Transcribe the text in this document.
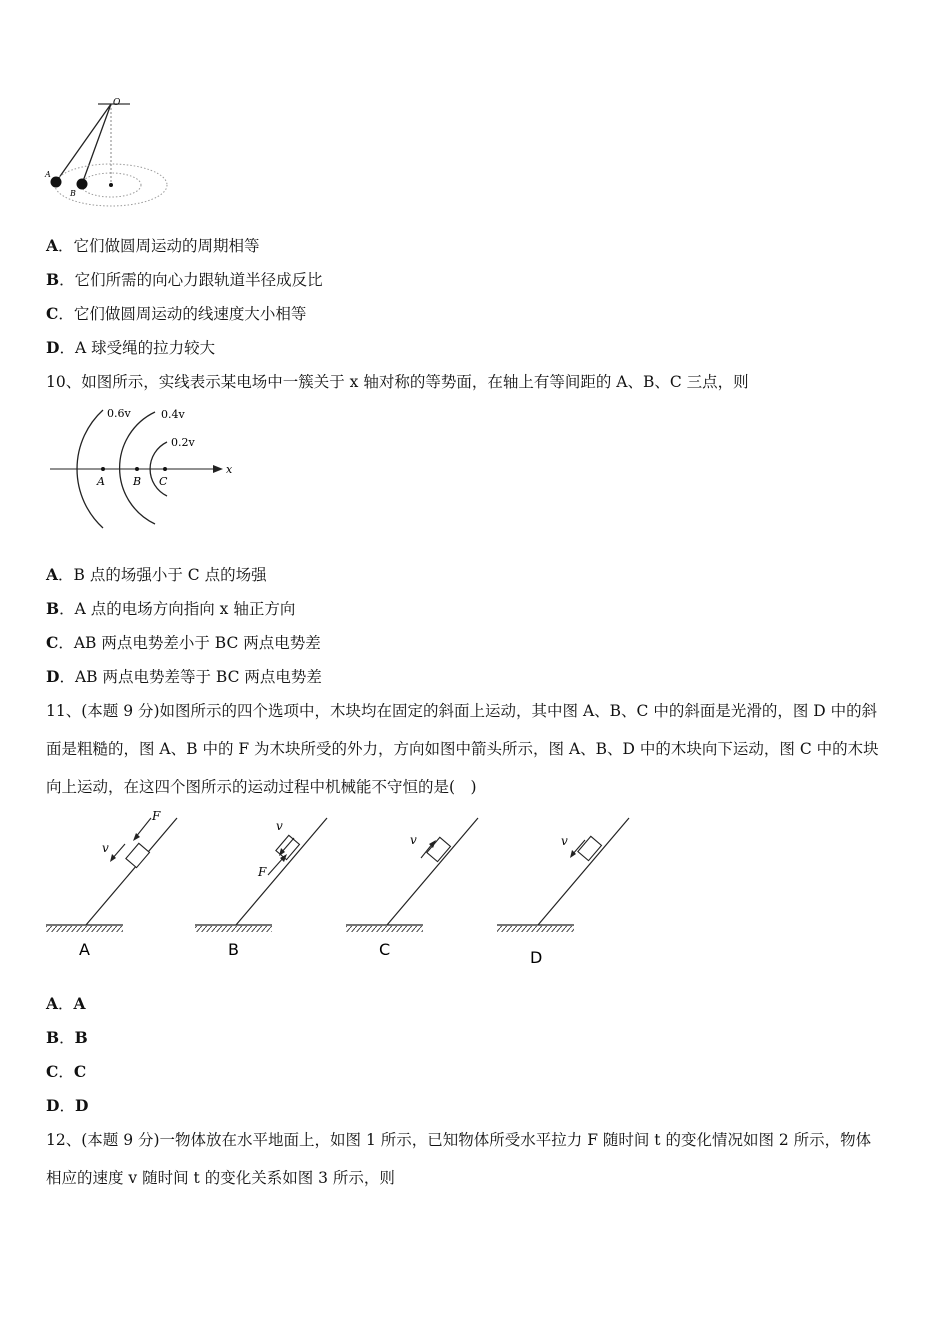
O
A
B
A ． 它们做圆周运动的周期相等
B ． 它们所需的向心力跟轨道半径成反比
C ． 它们做圆周运动的线速度大小相等
D ． A 球受绳的拉力较大
10、如图所示，实线表示某电场中一簇关于 x 轴对称的等势面，在轴上有等间距的 A、B、C 三点，则
0.6v	0.4v
0.2v
A	B C
x
A ． B 点的场强小于 C 点的场强
B ． A 点的电场方向指向 x 轴正方向
C ． AB 两点电势差小于 BC 两点电势差
D ． AB 两点电势差等于 BC 两点电势差
11、(本题 9 分)如图所示的四个选项中，木块均在固定的斜面上运动，其中图 A、B、C 中的斜面是光滑的，图 D 中的斜
面是粗糙的，图 A、B 中的 F 为木块所受的外力，方向如图中箭头所示，图 A、B、D 中的木块向下运动，图 C 中的木块
向上运动，在这四个图所示的运动过程中机械能不守恒的是(　)
F
v
A
v
F
B
v
C
v
D
A ． A
B ． B
C ． C
D ． D
12、(本题 9 分)一物体放在水平地面上，如图 1 所示，已知物体所受水平拉力 F 随时间 t 的变化情况如图 2 所示，物体
相应的速度 v 随时间 t 的变化关系如图 3 所示，则
